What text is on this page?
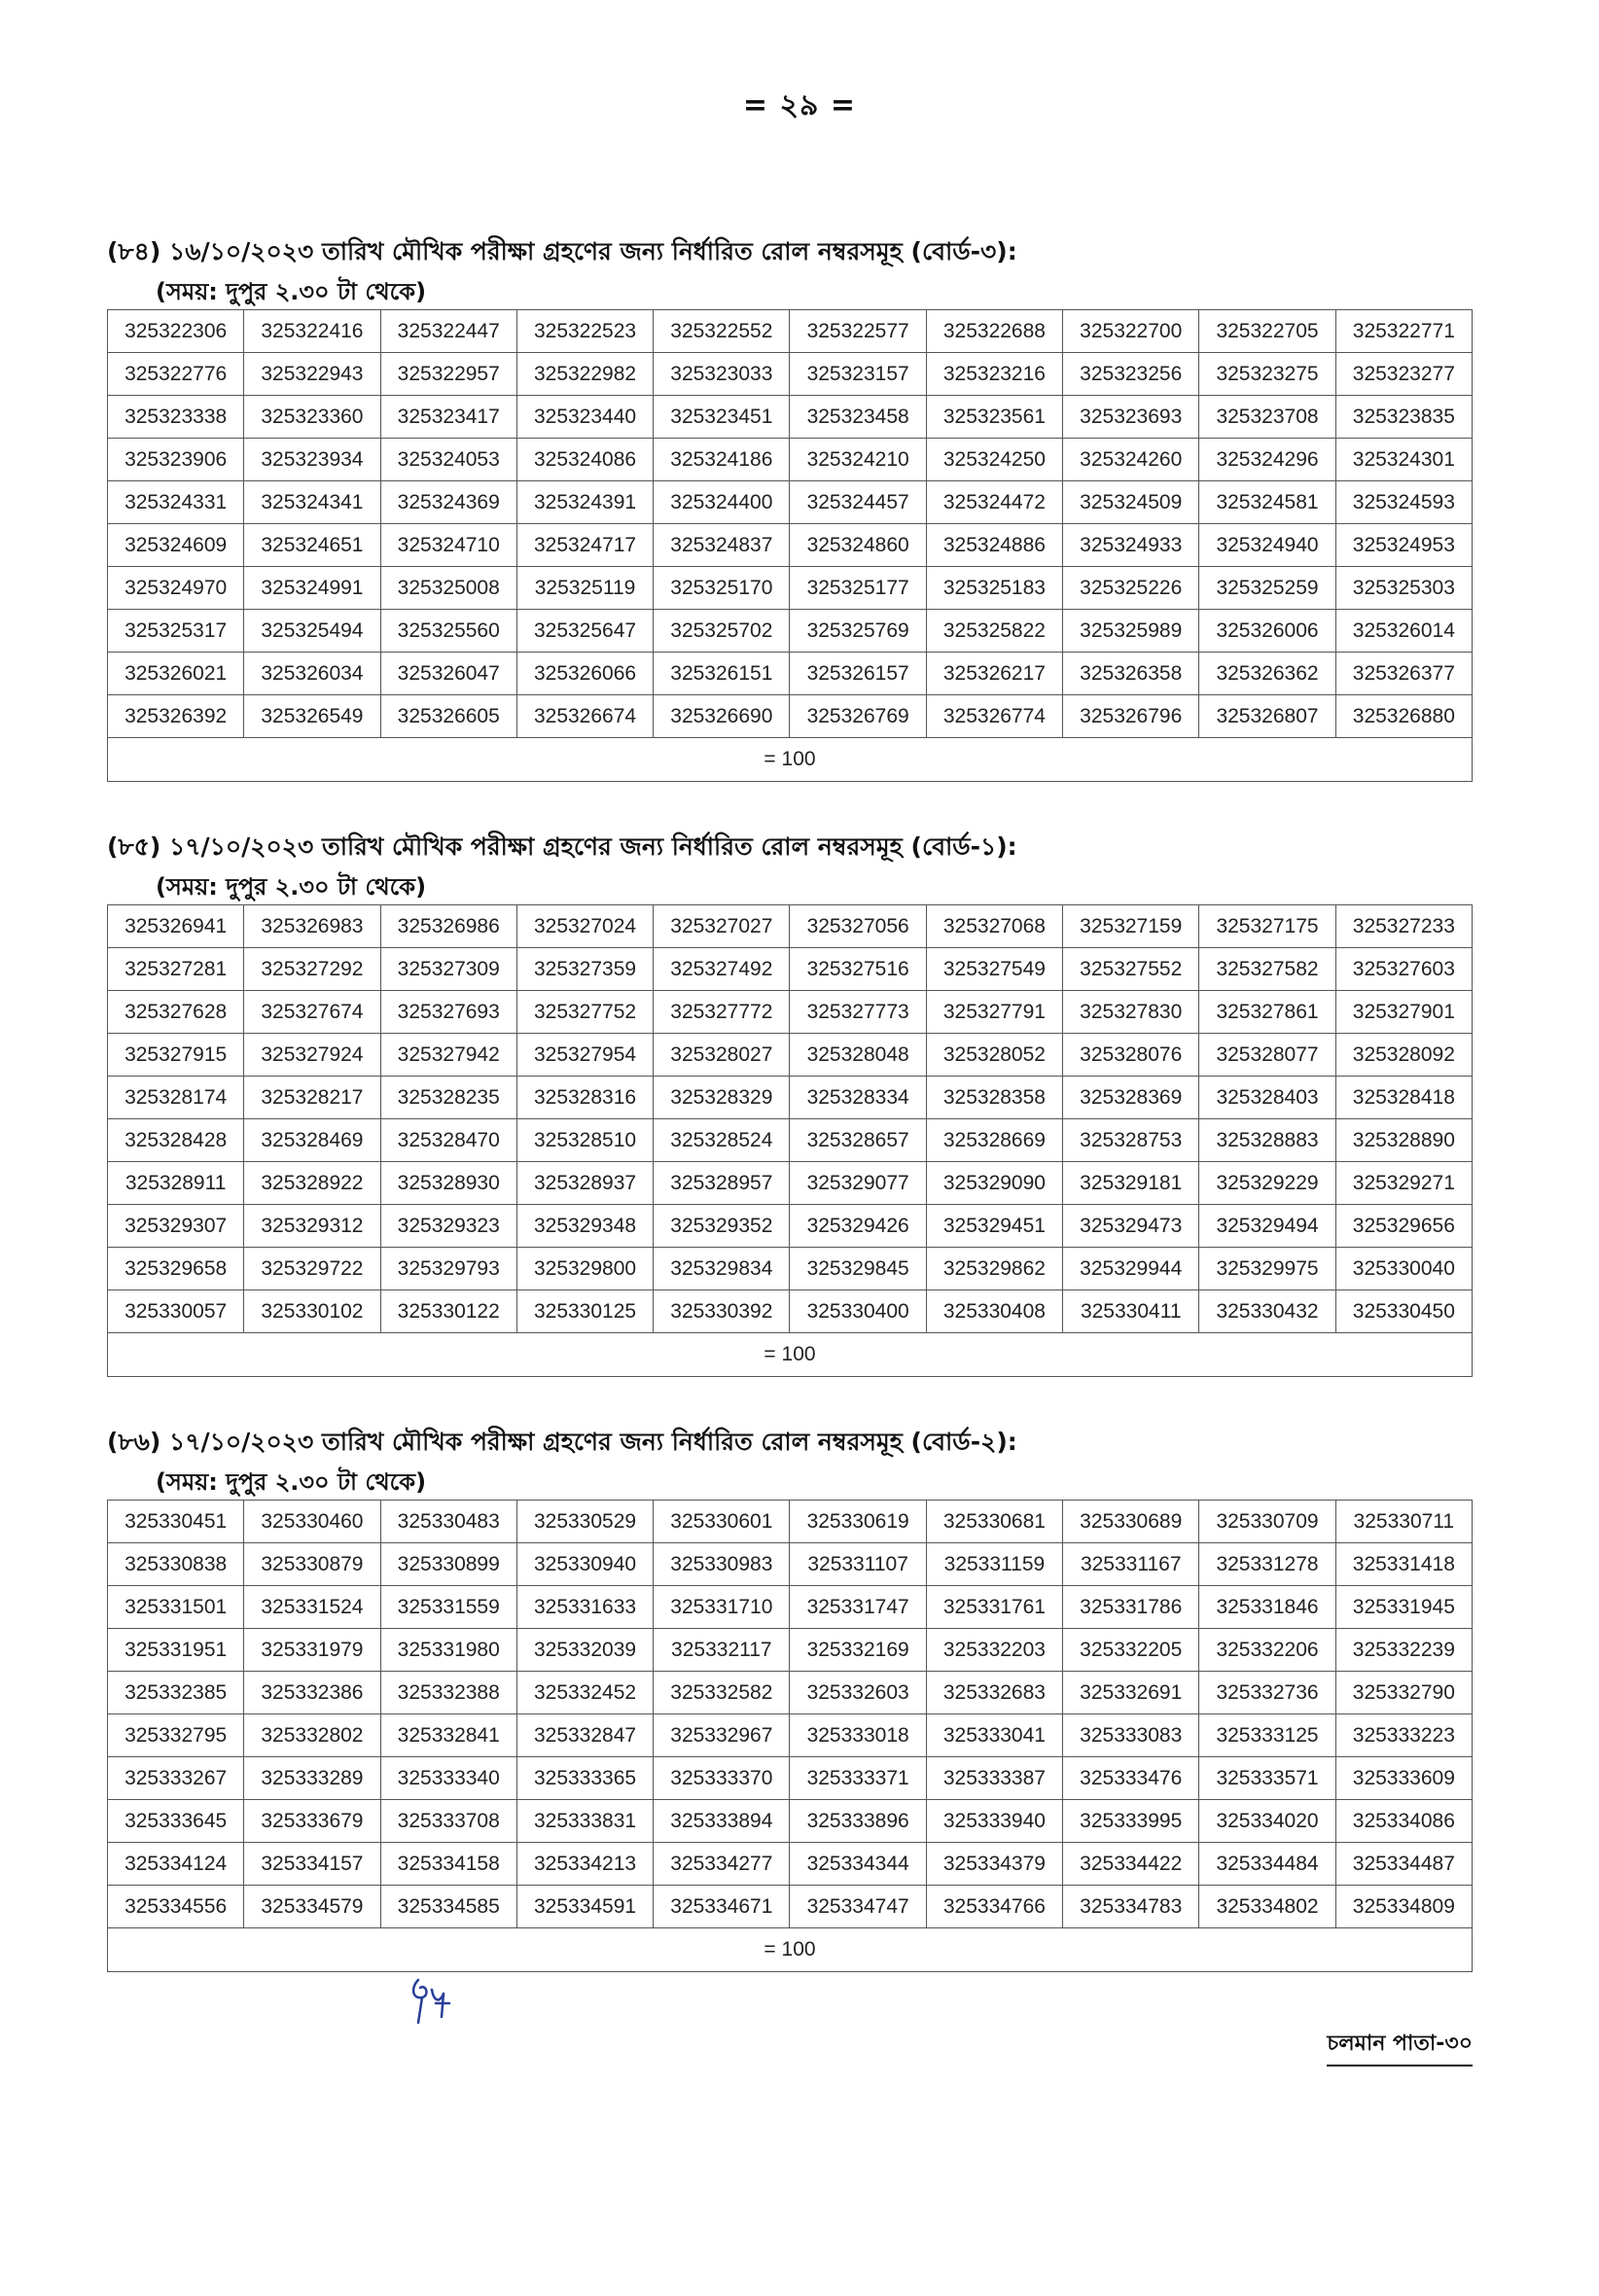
= ২৯ =
(৮৪) ১৬/১০/২০২৩ তারিখ মৌখিক পরীক্ষা গ্রহণের জন্য নির্ধারিত রোল নম্বরসমূহ (বোর্ড-৩):
(সময়: দুপুর ২.৩০ টা থেকে)
325322306	325322416	325322447	325322523	325322552	325322577	325322688	325322700	325322705	325322771
325322776	325322943	325322957	325322982	325323033	325323157	325323216	325323256	325323275	325323277
325323338	325323360	325323417	325323440	325323451	325323458	325323561	325323693	325323708	325323835
325323906	325323934	325324053	325324086	325324186	325324210	325324250	325324260	325324296	325324301
325324331	325324341	325324369	325324391	325324400	325324457	325324472	325324509	325324581	325324593
325324609	325324651	325324710	325324717	325324837	325324860	325324886	325324933	325324940	325324953
325324970	325324991	325325008	325325119	325325170	325325177	325325183	325325226	325325259	325325303
325325317	325325494	325325560	325325647	325325702	325325769	325325822	325325989	325326006	325326014
325326021	325326034	325326047	325326066	325326151	325326157	325326217	325326358	325326362	325326377
325326392	325326549	325326605	325326674	325326690	325326769	325326774	325326796	325326807	325326880
= 100									
(৮৫) ১৭/১০/২০২৩ তারিখ মৌখিক পরীক্ষা গ্রহণের জন্য নির্ধারিত রোল নম্বরসমূহ (বোর্ড-১):
(সময়: দুপুর ২.৩০ টা থেকে)
325326941	325326983	325326986	325327024	325327027	325327056	325327068	325327159	325327175	325327233
325327281	325327292	325327309	325327359	325327492	325327516	325327549	325327552	325327582	325327603
325327628	325327674	325327693	325327752	325327772	325327773	325327791	325327830	325327861	325327901
325327915	325327924	325327942	325327954	325328027	325328048	325328052	325328076	325328077	325328092
325328174	325328217	325328235	325328316	325328329	325328334	325328358	325328369	325328403	325328418
325328428	325328469	325328470	325328510	325328524	325328657	325328669	325328753	325328883	325328890
325328911	325328922	325328930	325328937	325328957	325329077	325329090	325329181	325329229	325329271
325329307	325329312	325329323	325329348	325329352	325329426	325329451	325329473	325329494	325329656
325329658	325329722	325329793	325329800	325329834	325329845	325329862	325329944	325329975	325330040
325330057	325330102	325330122	325330125	325330392	325330400	325330408	325330411	325330432	325330450
= 100									
(৮৬) ১৭/১০/২০২৩ তারিখ মৌখিক পরীক্ষা গ্রহণের জন্য নির্ধারিত রোল নম্বরসমূহ (বোর্ড-২):
(সময়: দুপুর ২.৩০ টা থেকে)
325330451	325330460	325330483	325330529	325330601	325330619	325330681	325330689	325330709	325330711
325330838	325330879	325330899	325330940	325330983	325331107	325331159	325331167	325331278	325331418
325331501	325331524	325331559	325331633	325331710	325331747	325331761	325331786	325331846	325331945
325331951	325331979	325331980	325332039	325332117	325332169	325332203	325332205	325332206	325332239
325332385	325332386	325332388	325332452	325332582	325332603	325332683	325332691	325332736	325332790
325332795	325332802	325332841	325332847	325332967	325333018	325333041	325333083	325333125	325333223
325333267	325333289	325333340	325333365	325333370	325333371	325333387	325333476	325333571	325333609
325333645	325333679	325333708	325333831	325333894	325333896	325333940	325333995	325334020	325334086
325334124	325334157	325334158	325334213	325334277	325334344	325334379	325334422	325334484	325334487
325334556	325334579	325334585	325334591	325334671	325334747	325334766	325334783	325334802	325334809
= 100									
চলমান পাতা-৩০
